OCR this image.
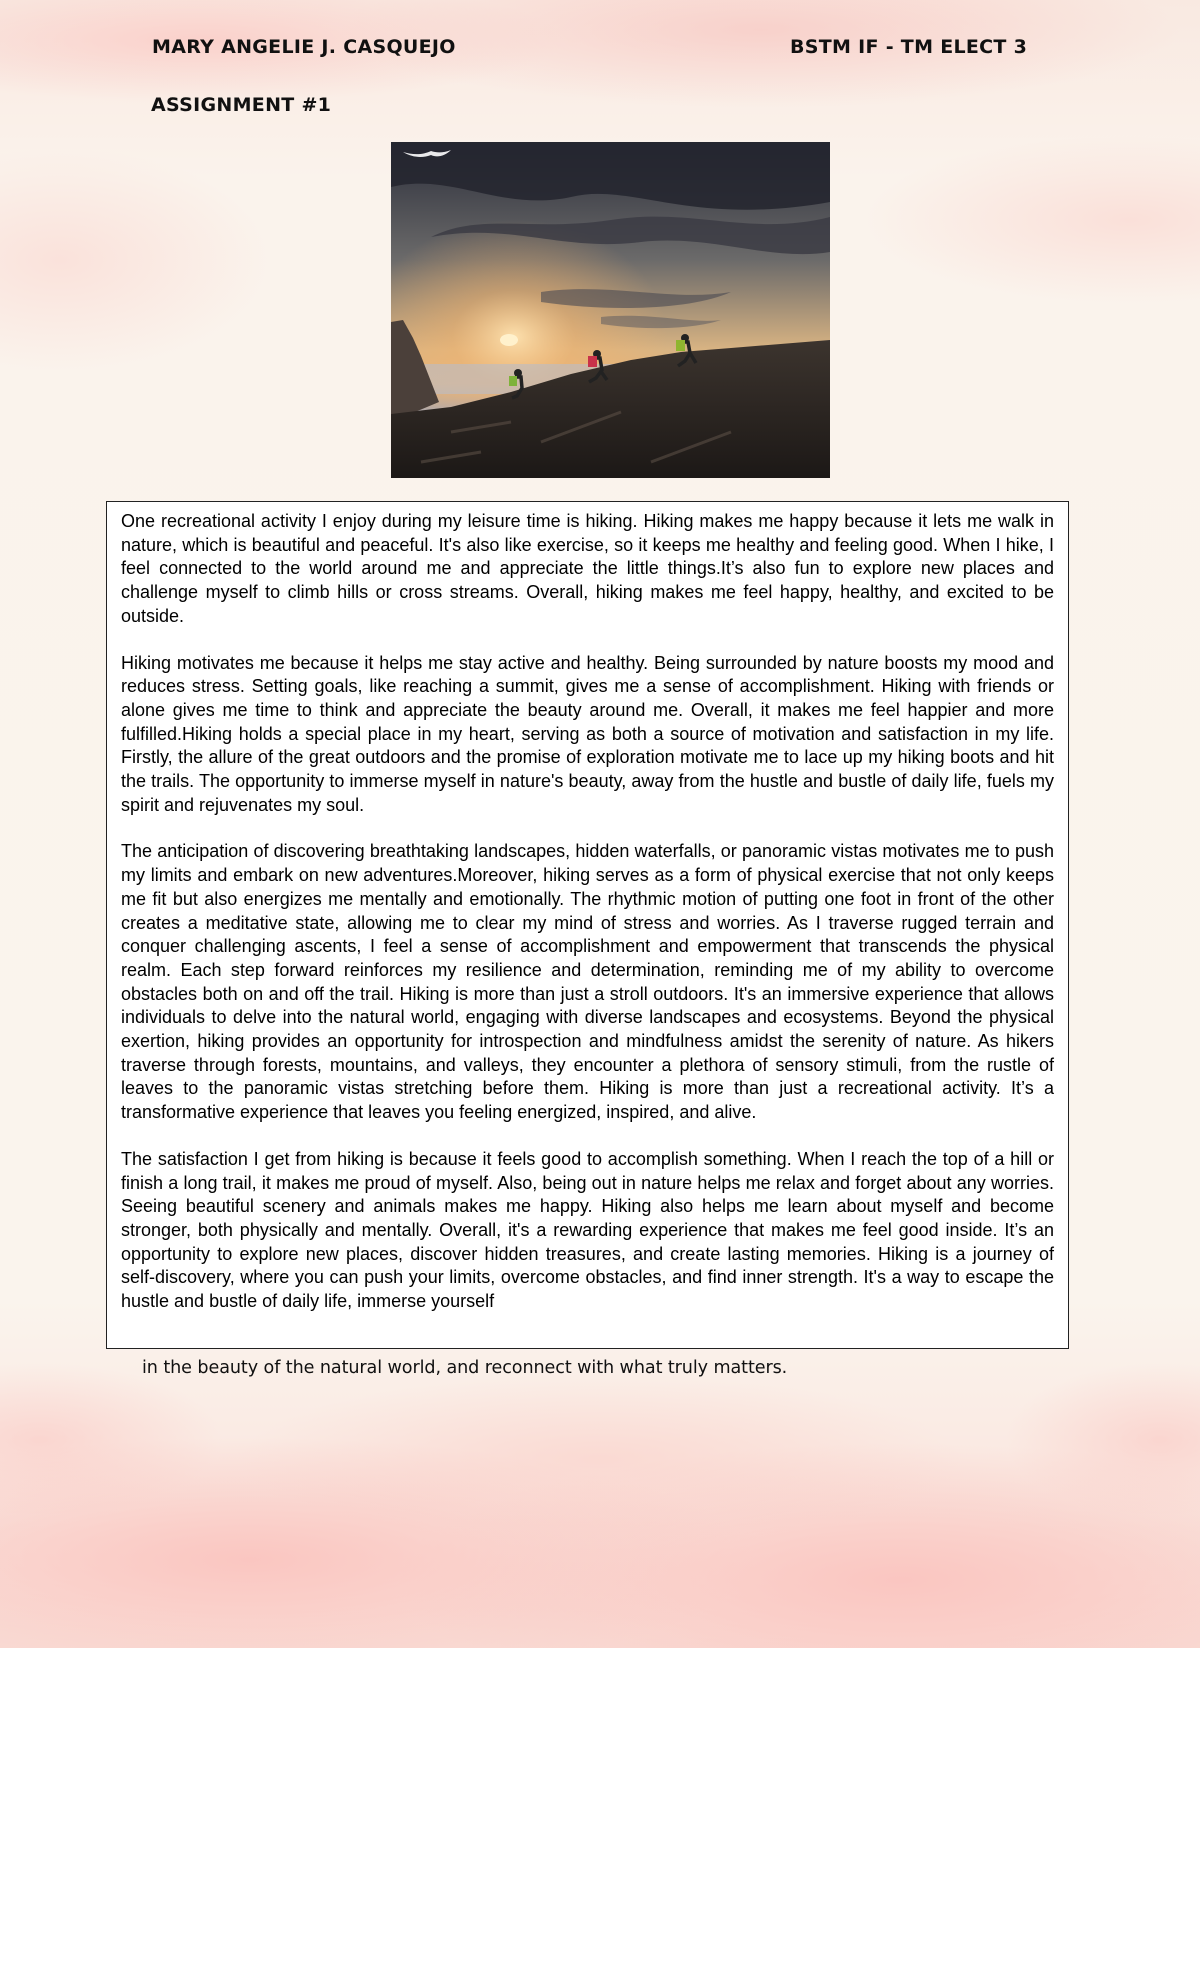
MARY ANGELIE J. CASQUEJO	BSTM IF - TM ELECT 3

ASSIGNMENT #1

One recreational activity I enjoy during my leisure time is hiking. Hiking makes me happy because it lets me walk in nature, which is beautiful and peaceful. It's also like exercise, so it keeps me healthy and feeling good. When I hike, I feel connected to the world around me and appreciate the little things.It’s also fun to explore new places and challenge myself to climb hills or cross streams. Overall, hiking makes me feel happy, healthy, and excited to be outside.

Hiking motivates me because it helps me stay active and healthy. Being surrounded by nature boosts my mood and reduces stress. Setting goals, like reaching a summit, gives me a sense of accomplishment. Hiking with friends or alone gives me time to think and appreciate the beauty around me. Overall, it makes me feel happier and more fulfilled.Hiking holds a special place in my heart, serving as both a source of motivation and satisfaction in my life. Firstly, the allure of the great outdoors and the promise of exploration motivate me to lace up my hiking boots and hit the trails. The opportunity to immerse myself in nature's beauty, away from the hustle and bustle of daily life, fuels my spirit and rejuvenates my soul.

The anticipation of discovering breathtaking landscapes, hidden waterfalls, or panoramic vistas motivates me to push my limits and embark on new adventures.Moreover, hiking serves as a form of physical exercise that not only keeps me fit but also energizes me mentally and emotionally. The rhythmic motion of putting one foot in front of the other creates a meditative state, allowing me to clear my mind of stress and worries. As I traverse rugged terrain and conquer challenging ascents, I feel a sense of accomplishment and empowerment that transcends the physical realm. Each step forward reinforces my resilience and determination, reminding me of my ability to overcome obstacles both on and off the trail. Hiking is more than just a stroll outdoors. It's an immersive experience that allows individuals to delve into the natural world, engaging with diverse landscapes and ecosystems. Beyond the physical exertion, hiking provides an opportunity for introspection and mindfulness amidst the serenity of nature. As hikers traverse through forests, mountains, and valleys, they encounter a plethora of sensory stimuli, from the rustle of leaves to the panoramic vistas stretching before them. Hiking is more than just a recreational activity. It’s a transformative experience that leaves you feeling energized, inspired, and alive.

The satisfaction I get from hiking is because it feels good to accomplish something. When I reach the top of a hill or finish a long trail, it makes me proud of myself. Also, being out in nature helps me relax and forget about any worries. Seeing beautiful scenery and animals makes me happy. Hiking also helps me learn about myself and become stronger, both physically and mentally. Overall, it's a rewarding experience that makes me feel good inside. It’s an opportunity to explore new places, discover hidden treasures, and create lasting memories. Hiking is a journey of self-discovery, where you can push your limits, overcome obstacles, and find inner strength. It's a way to escape the hustle and bustle of daily life, immerse yourself

in the beauty of the natural world, and reconnect with what truly matters.
